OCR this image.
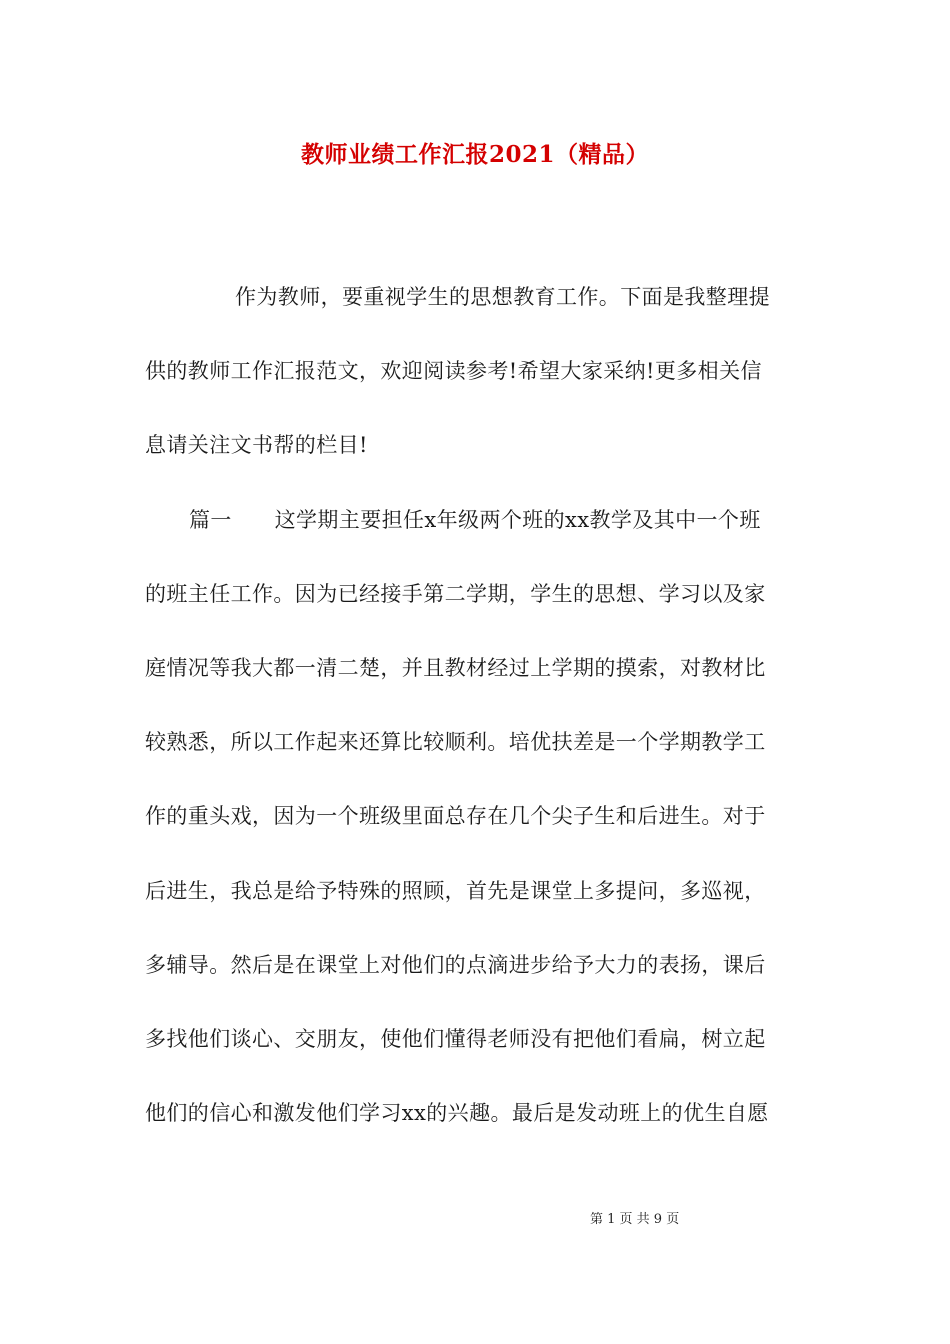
教师业绩工作汇报2021（精品）
作为教师，要重视学生的思想教育工作。下面是我整理提
供的教师工作汇报范文，欢迎阅读参考!希望大家采纳!更多相关信
息请关注文书帮的栏目!
篇一　　这学期主要担任x年级两个班的xx教学及其中一个班
的班主任工作。因为已经接手第二学期，学生的思想、学习以及家
庭情况等我大都一清二楚，并且教材经过上学期的摸索，对教材比
较熟悉，所以工作起来还算比较顺利。培优扶差是一个学期教学工
作的重头戏，因为一个班级里面总存在几个尖子生和后进生。对于
后进生，我总是给予特殊的照顾，首先是课堂上多提问，多巡视，
多辅导。然后是在课堂上对他们的点滴进步给予大力的表扬，课后
多找他们谈心、交朋友，使他们懂得老师没有把他们看扁，树立起
他们的信心和激发他们学习xx的兴趣。最后是发动班上的优生自愿
第 1 页 共 9 页
